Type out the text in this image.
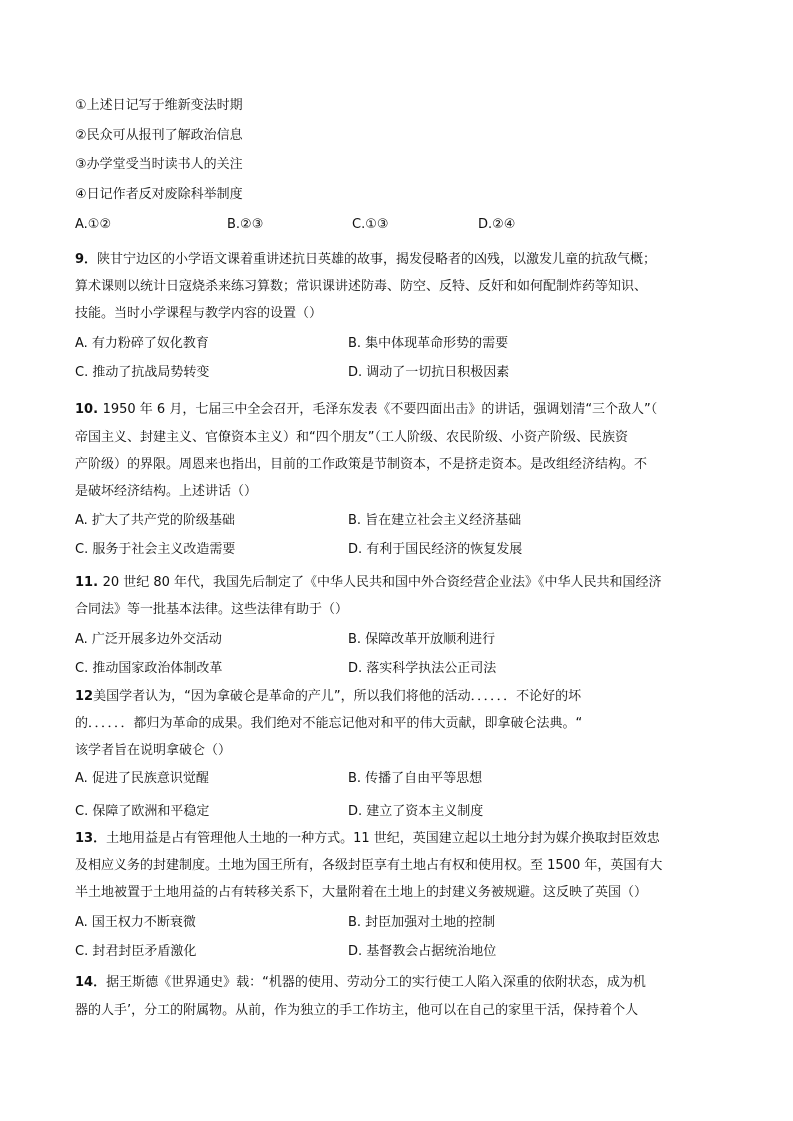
①上述日记写于维新变法时期
②民众可从报刊了解政治信息
③办学堂受当时读书人的关注
④日记作者反对废除科举制度
A.①②	B.②③	C.①③	D.②④
9．陕甘宁边区的小学语文课着重讲述抗日英雄的故事，揭发侵略者的凶残，以激发儿童的抗敌气概；
算术课则以统计日寇烧杀来练习算数；常识课讲述防毒、防空、反特、反奸和如何配制炸药等知识、
技能。当时小学课程与教学内容的设置（）
A. 有力粉碎了奴化教育	B. 集中体现革命形势的需要
C. 推动了抗战局势转变	D. 调动了一切抗日积极因素
10. 1950 年 6 月，七届三中全会召开，毛泽东发表《不要四面出击》的讲话，强调划清“三个敌人”（
帝国主义、封建主义、官僚资本主义）和“四个朋友”（工人阶级、农民阶级、小资产阶级、民族资
产阶级）的界限。周恩来也指出，目前的工作政策是节制资本，不是挤走资本。是改组经济结构。不
是破坏经济结构。上述讲话（）
A. 扩大了共产党的阶级基础	B. 旨在建立社会主义经济基础
C. 服务于社会主义改造需要	D. 有利于国民经济的恢复发展
11. 20 世纪 80 年代，我国先后制定了《中华人民共和国中外合资经营企业法》《中华人民共和国经济
合同法》等一批基本法律。这些法律有助于（）
A. 广泛开展多边外交活动	B. 保障改革开放顺利进行
C. 推动国家政治体制改革	D. 落实科学执法公正司法
12美国学者认为，“因为拿破仑是革命的产儿”，所以我们将他的活动．．．．．．不论好的坏
的．．．．．．都归为革命的成果。我们绝对不能忘记他对和平的伟大贡献，即拿破仑法典。“
该学者旨在说明拿破仑（）
A. 促进了民族意识觉醒	B. 传播了自由平等思想
C. 保障了欧洲和平稳定	D. 建立了资本主义制度
13．土地用益是占有管理他人土地的一种方式。11 世纪，英国建立起以土地分封为媒介换取封臣效忠
及相应义务的封建制度。土地为国王所有，各级封臣享有土地占有权和使用权。至 1500 年，英国有大
半土地被置于土地用益的占有转移关系下，大量附着在土地上的封建义务被规避。这反映了英国（）
A. 国王权力不断衰微	B. 封臣加强对土地的控制
C. 封君封臣矛盾激化	D. 基督教会占据统治地位
14．据王斯德《世界通史》载：“机器的使用、劳动分工的实行使工人陷入深重的依附状态，成为机
器的人手’，分工的附属物。从前，作为独立的手工作坊主，他可以在自己的家里干活，保持着个人
